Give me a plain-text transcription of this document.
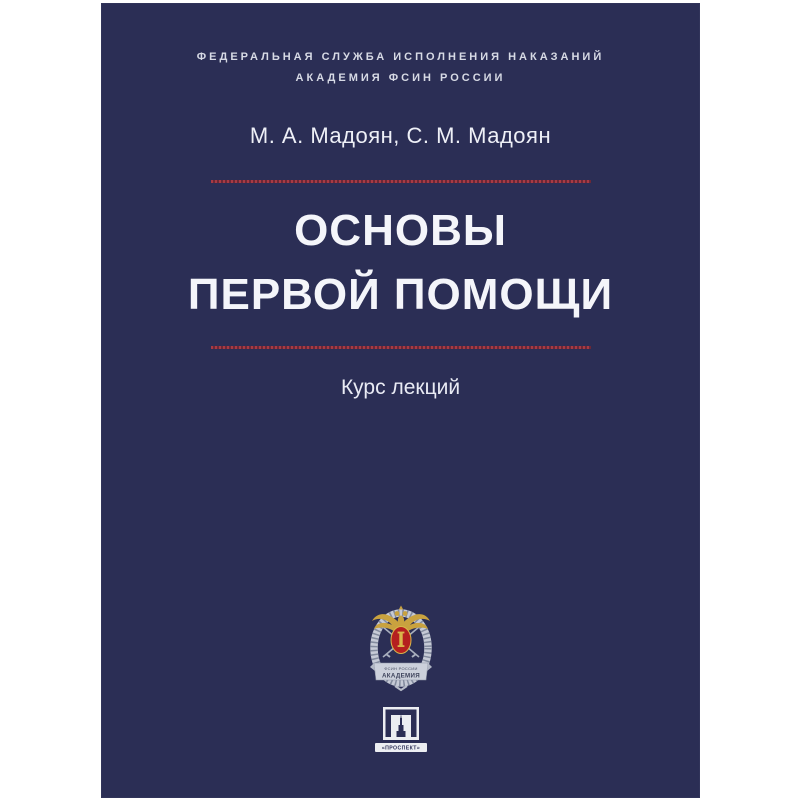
ФЕДЕРАЛЬНАЯ СЛУЖБА ИСПОЛНЕНИЯ НАКАЗАНИЙ
АКАДЕМИЯ ФСИН РОССИИ
М. А. Мадоян, С. М. Мадоян
ОСНОВЫ
ПЕРВОЙ ПОМОЩИ
Курс лекций
ФСИН РОССИИ
АКАДЕМИЯ
«ПРОСПЕКТ»
